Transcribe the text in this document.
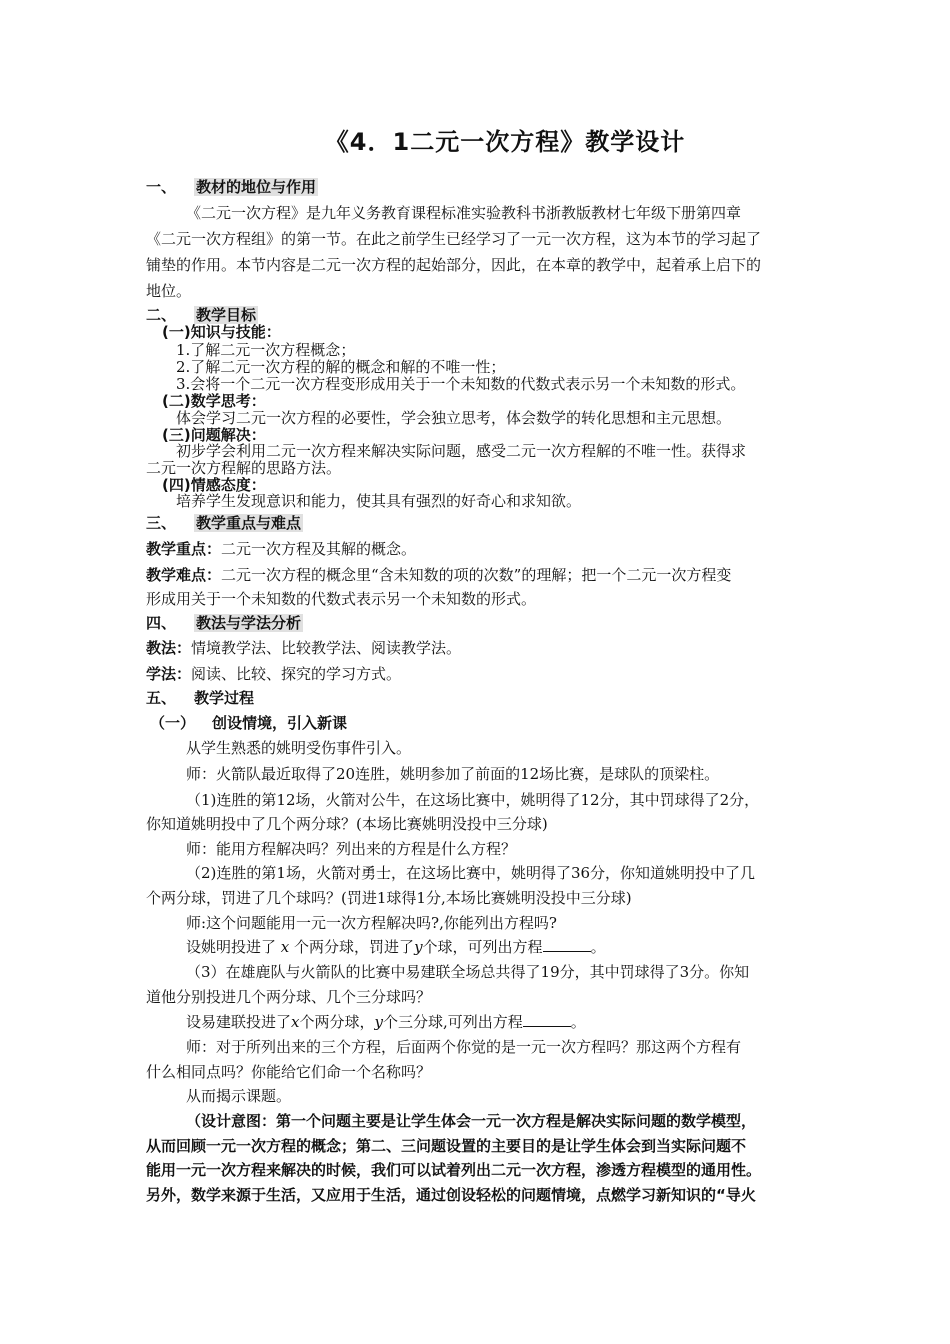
《4．1二元一次方程》教学设计
一、 教材的地位与作用
《二元一次方程》是九年义务教育课程标准实验教科书浙教版教材七年级下册第四章
《二元一次方程组》的第一节。在此之前学生已经学习了一元一次方程，这为本节的学习起了
铺垫的作用。本节内容是二元一次方程的起始部分，因此，在本章的教学中，起着承上启下的
地位。
二、 教学目标
(一)知识与技能：
1.了解二元一次方程概念；
2.了解二元一次方程的解的概念和解的不唯一性；
3.会将一个二元一次方程变形成用关于一个未知数的代数式表示另一个未知数的形式。
(二)数学思考：
体会学习二元一次方程的必要性，学会独立思考，体会数学的转化思想和主元思想。
(三)问题解决：
初步学会利用二元一次方程来解决实际问题，感受二元一次方程解的不唯一性。获得求
二元一次方程解的思路方法。
(四)情感态度：
培养学生发现意识和能力，使其具有强烈的好奇心和求知欲。
三、 教学重点与难点
教学重点：二元一次方程及其解的概念。
教学难点：二元一次方程的概念里“含未知数的项的次数”的理解；把一个二元一次方程变
形成用关于一个未知数的代数式表示另一个未知数的形式。
四、 教法与学法分析
教法：情境教学法、比较教学法、阅读教学法。
学法：阅读、比较、探究的学习方式。
五、 教学过程
（一） 创设情境，引入新课
从学生熟悉的姚明受伤事件引入。
师：火箭队最近取得了20连胜，姚明参加了前面的12场比赛，是球队的顶梁柱。
（1)连胜的第12场，火箭对公牛，在这场比赛中，姚明得了12分，其中罚球得了2分，
你知道姚明投中了几个两分球？(本场比赛姚明没投中三分球)
师：能用方程解决吗？列出来的方程是什么方程？
（2)连胜的第1场，火箭对勇士，在这场比赛中，姚明得了36分，你知道姚明投中了几
个两分球，罚进了几个球吗？(罚进1球得1分,本场比赛姚明没投中三分球)
师:这个问题能用一元一次方程解决吗?,你能列出方程吗?
设姚明投进了 x 个两分球，罚进了y个球，可列出方程	。
（3）在雄鹿队与火箭队的比赛中易建联全场总共得了19分，其中罚球得了3分。你知
道他分别投进几个两分球、几个三分球吗？
设易建联投进了x个两分球，y个三分球,可列出方程	。
师：对于所列出来的三个方程，后面两个你觉的是一元一次方程吗？那这两个方程有
什么相同点吗？你能给它们命一个名称吗？
从而揭示课题。
（设计意图：第一个问题主要是让学生体会一元一次方程是解决实际问题的数学模型，
从而回顾一元一次方程的概念；第二、三问题设置的主要目的是让学生体会到当实际问题不
能用一元一次方程来解决的时候，我们可以试着列出二元一次方程，渗透方程模型的通用性。
另外，数学来源于生活，又应用于生活，通过创设轻松的问题情境，点燃学习新知识的“导火
